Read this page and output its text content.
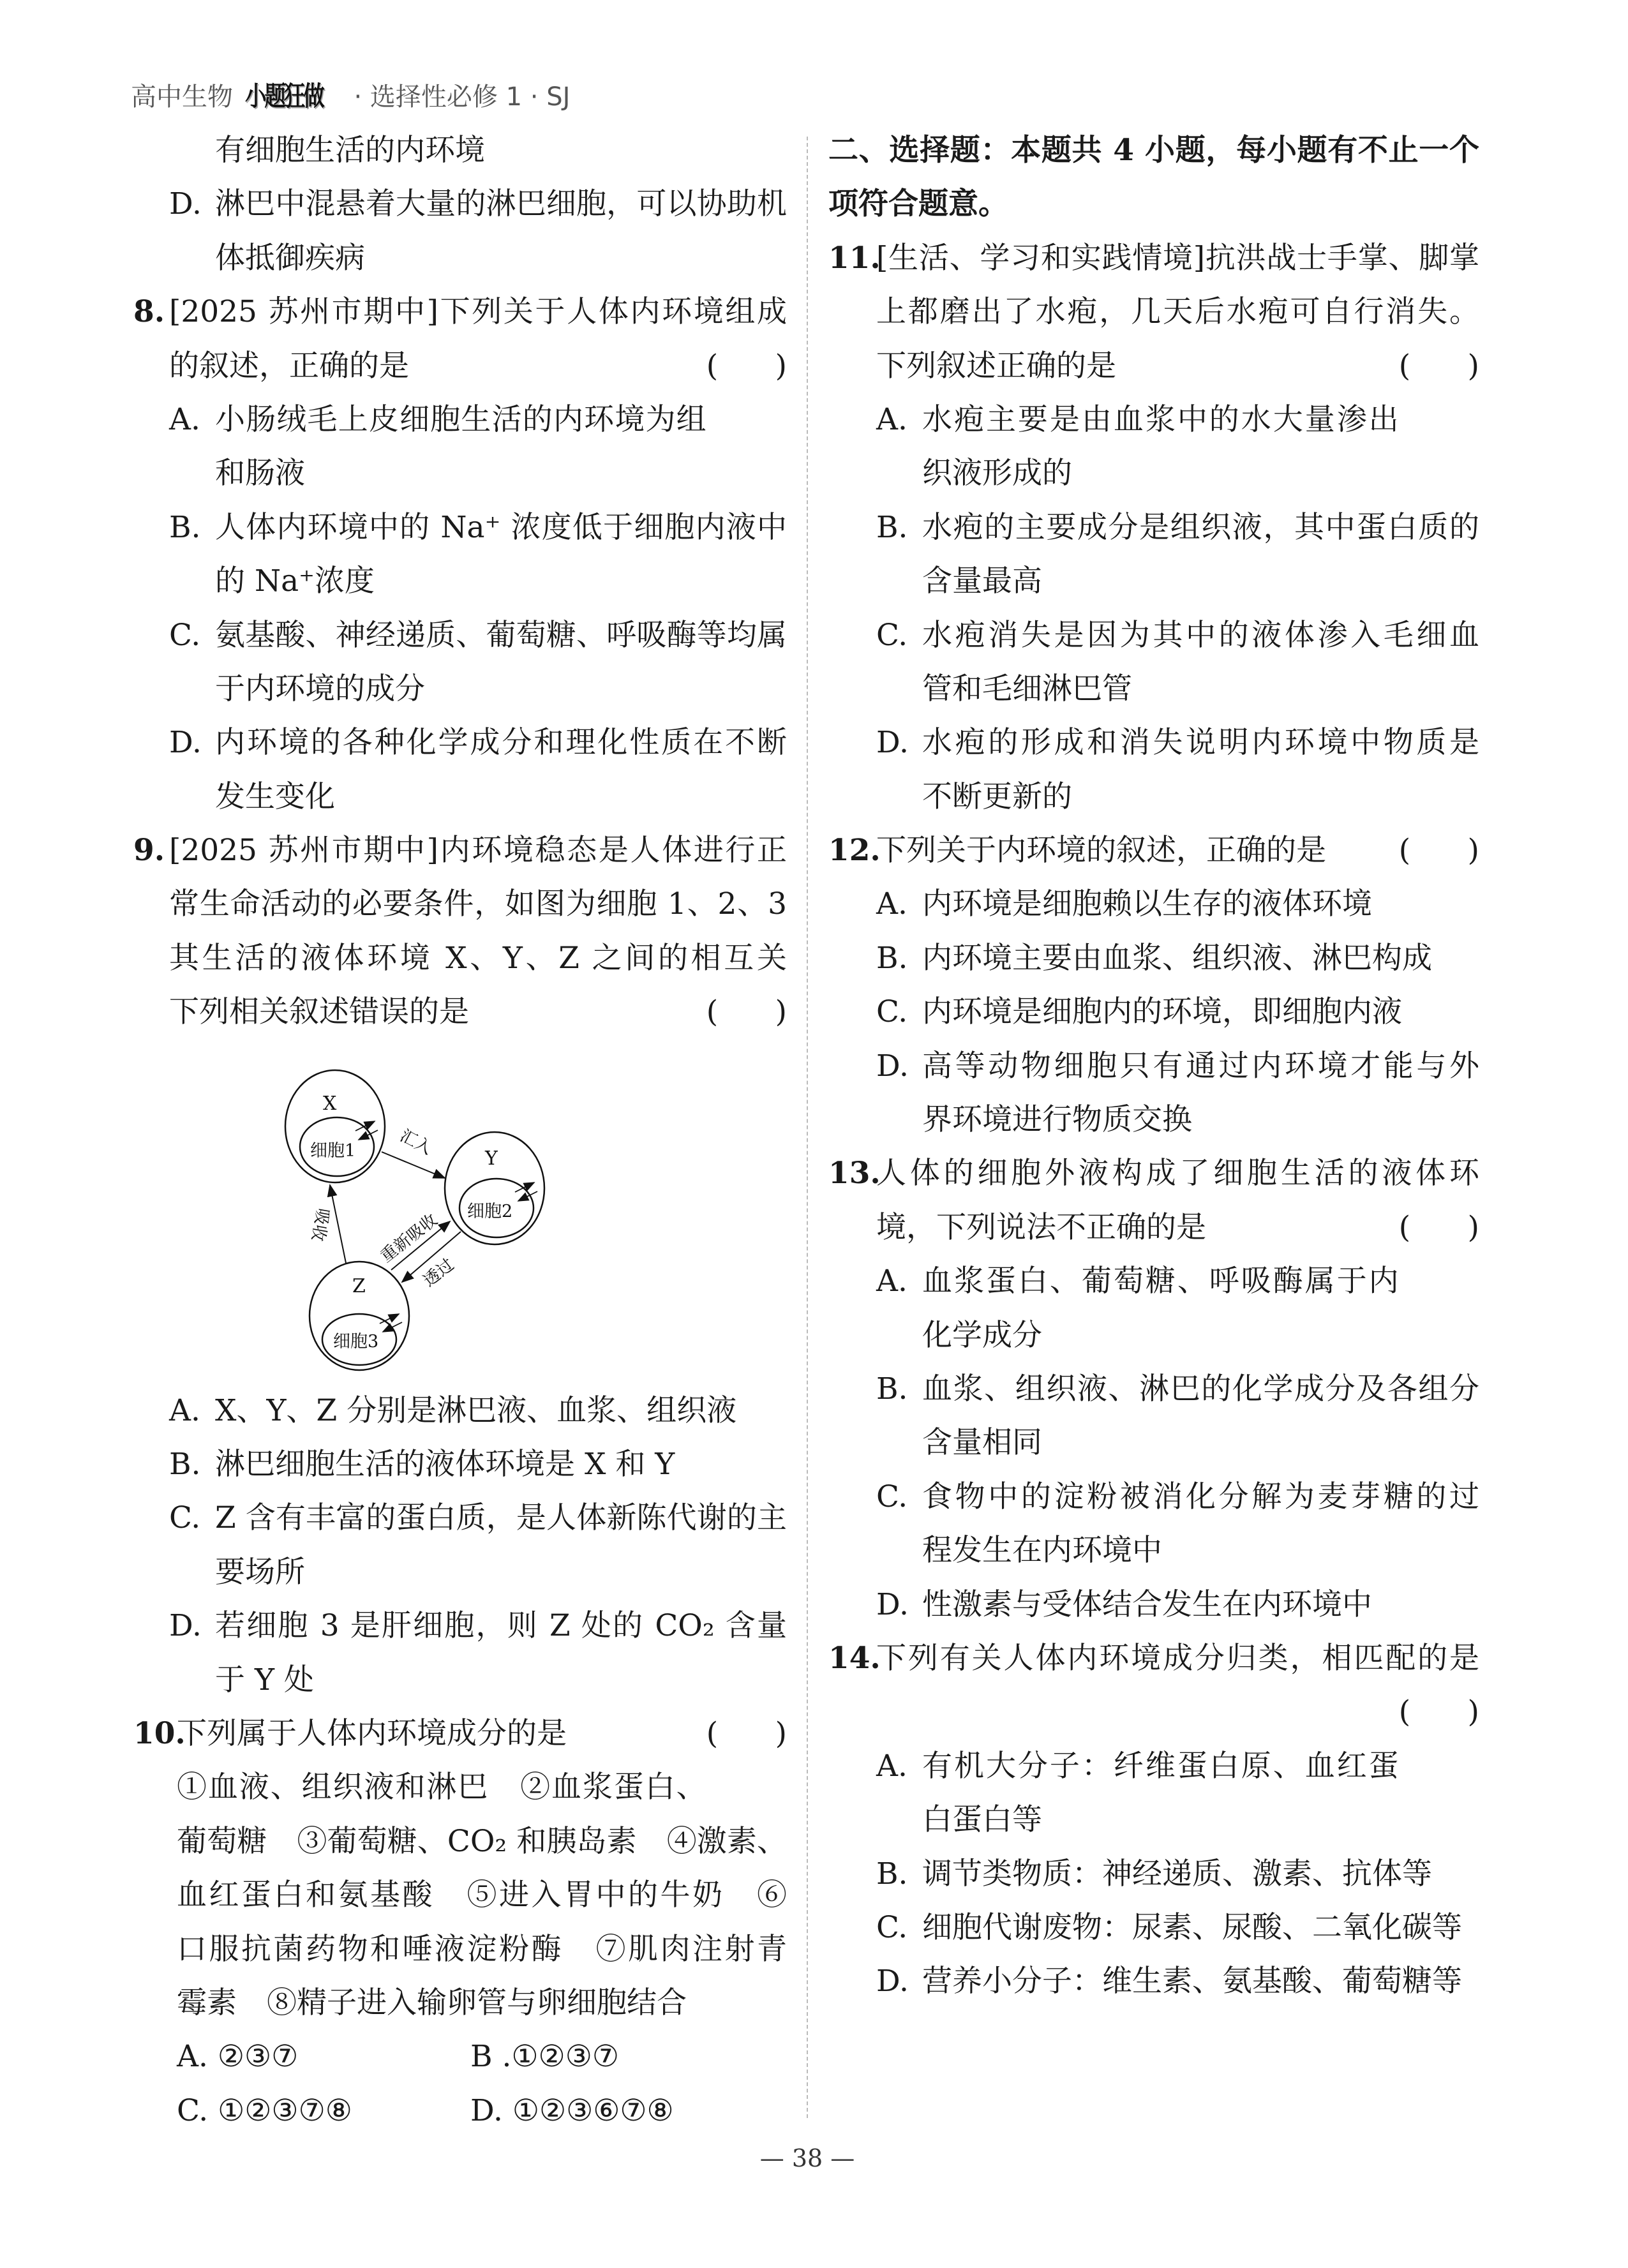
高中生物 小题狂做 · 选择性必修 1 · SJ
有细胞生活的内环境
D. 淋巴中混悬着大量的淋巴细胞，可以协助机
体抵御疾病
8. [2025 苏州市期中]下列关于人体内环境组成
的叙述，正确的是	(      )
A. 小肠绒毛上皮细胞生活的内环境为组
和肠液
B. 人体内环境中的 Na⁺ 浓度低于细胞内液中
的 Na⁺浓度
C. 氨基酸、神经递质、葡萄糖、呼吸酶等均属
于内环境的成分
D. 内环境的各种化学成分和理化性质在不断
发生变化
9. [2025 苏州市期中]内环境稳态是人体进行正
常生命活动的必要条件，如图为细胞 1、2、3
其生活的液体环境 X、Y、Z 之间的相互关
下列相关叙述错误的是	(      )
X
细胞1	Y
细胞2
Z
细胞3
汇入
吸收	重新吸收
透过
A. X、Y、Z 分别是淋巴液、血浆、组织液
B. 淋巴细胞生活的液体环境是 X 和 Y
C. Z 含有丰富的蛋白质，是人体新陈代谢的主
要场所
D. 若细胞 3 是肝细胞，则 Z 处的 CO₂ 含量
于 Y 处
10.
下列属于人体内环境成分的是	(      )
①血液、组织液和淋巴　②血浆蛋白、
葡萄糖　③葡萄糖、CO₂ 和胰岛素　④激素、
血红蛋白和氨基酸　⑤进入胃中的牛奶　⑥
口服抗菌药物和唾液淀粉酶　⑦肌肉注射青
霉素　⑧精子进入输卵管与卵细胞结合
A. ②③⑦	B .①②③⑦
C. ①②③⑦⑧	D. ①②③⑥⑦⑧
二、选择题：本题共 4 小题，每小题有不止一个
项符合题意。
11.
[生活、学习和实践情境]抗洪战士手掌、脚掌
上都磨出了水疱，几天后水疱可自行消失。
下列叙述正确的是	(      )
A. 水疱主要是由血浆中的水大量渗出
织液形成的
B. 水疱的主要成分是组织液，其中蛋白质的
含量最高
C. 水疱消失是因为其中的液体渗入毛细血
管和毛细淋巴管
D. 水疱的形成和消失说明内环境中物质是
不断更新的
12.
下列关于内环境的叙述，正确的是 (      )
A. 内环境是细胞赖以生存的液体环境
B. 内环境主要由血浆、组织液、淋巴构成
C. 内环境是细胞内的环境，即细胞内液
D. 高等动物细胞只有通过内环境才能与外
界环境进行物质交换
13.
人体的细胞外液构成了细胞生活的液体环
境，下列说法不正确的是	(      )
A. 血浆蛋白、葡萄糖、呼吸酶属于内
化学成分
B. 血浆、组织液、淋巴的化学成分及各组分
含量相同
C. 食物中的淀粉被消化分解为麦芽糖的过
程发生在内环境中
D. 性激素与受体结合发生在内环境中
14.
下列有关人体内环境成分归类，相匹配的是
(      )
A. 有机大分子：纤维蛋白原、血红蛋
白蛋白等
B. 调节类物质：神经递质、激素、抗体等
C. 细胞代谢废物：尿素、尿酸、二氧化碳等
D. 营养小分子：维生素、氨基酸、葡萄糖等
— 38 —
